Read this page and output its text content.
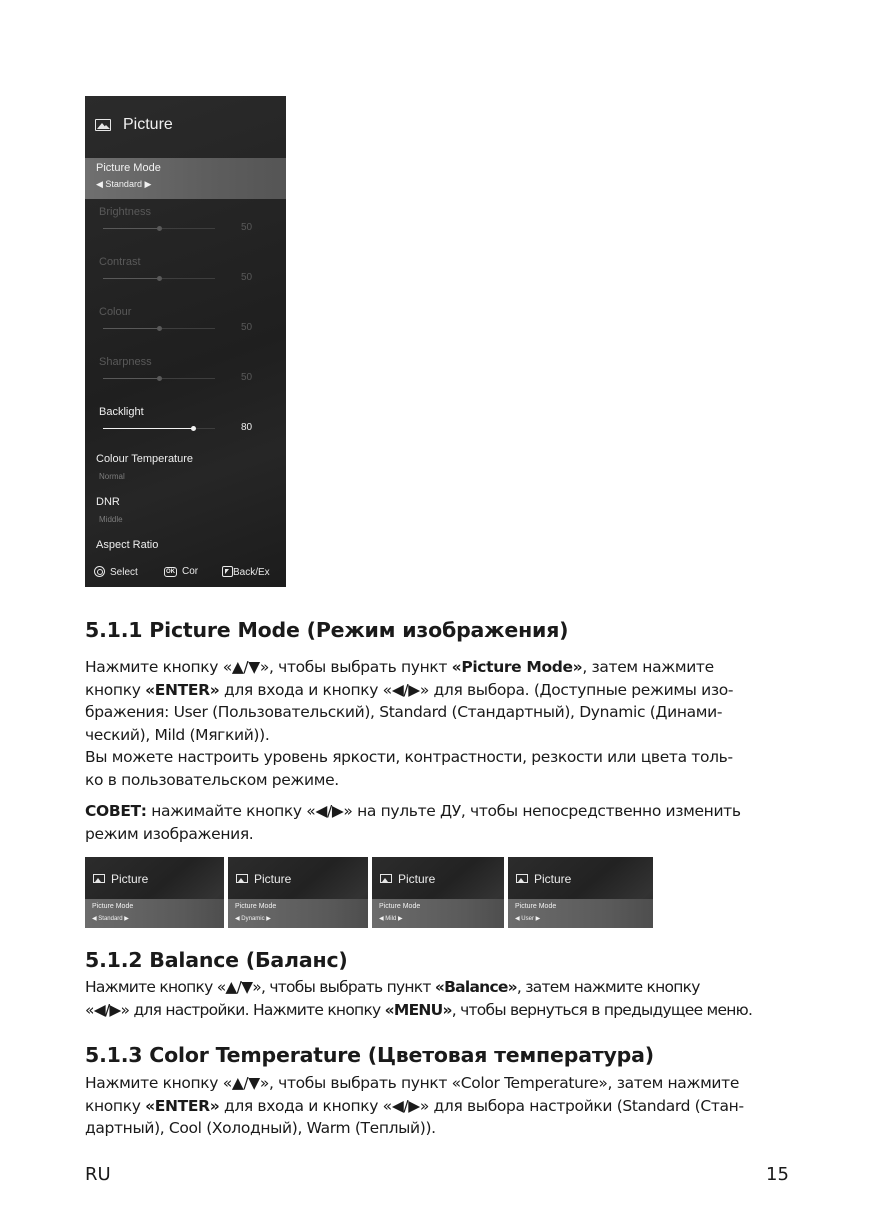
Picture
Picture Mode
◀ Standard ▶
Brightness
50
Contrast
50
Colour
50
Sharpness
50
Backlight
80
Colour Temperature
Normal
DNR
Middle
Aspect Ratio
Select	OK Cor	Back/Ex
5.1.1 Picture Mode (Режим изображения)
Нажмите кнопку «▲/▼», чтобы выбрать пункт «Picture Mode», затем нажмите
кнопку «ENTER» для входа и кнопку «◀/▶» для выбора. (Доступные режимы изо-
бражения: User (Пользовательский), Standard (Стандартный), Dynamic (Динами-
ческий), Mild (Мягкий)).
Вы можете настроить уровень яркости, контрастности, резкости или цвета толь-
ко в пользовательском режиме.
СОВЕТ: нажимайте кнопку «◀/▶» на пульте ДУ, чтобы непосредственно изменить
режим изображения.
Picture
Picture Mode
◀ Standard ▶
Picture
Picture Mode
◀ Dynamic ▶
Picture
Picture Mode
◀ Mild ▶
Picture
Picture Mode
◀ User ▶
5.1.2 Balance (Баланс)
Нажмите кнопку «▲/▼», чтобы выбрать пункт «Balance», затем нажмите кнопку
«◀/▶» для настройки. Нажмите кнопку «MENU», чтобы вернуться в предыдущее меню.
5.1.3 Color Temperature (Цветовая температура)
Нажмите кнопку «▲/▼», чтобы выбрать пункт «Color Temperature», затем нажмите
кнопку «ENTER» для входа и кнопку «◀/▶» для выбора настройки (Standard (Стан-
дартный), Cool (Холодный), Warm (Теплый)).
RU	15
